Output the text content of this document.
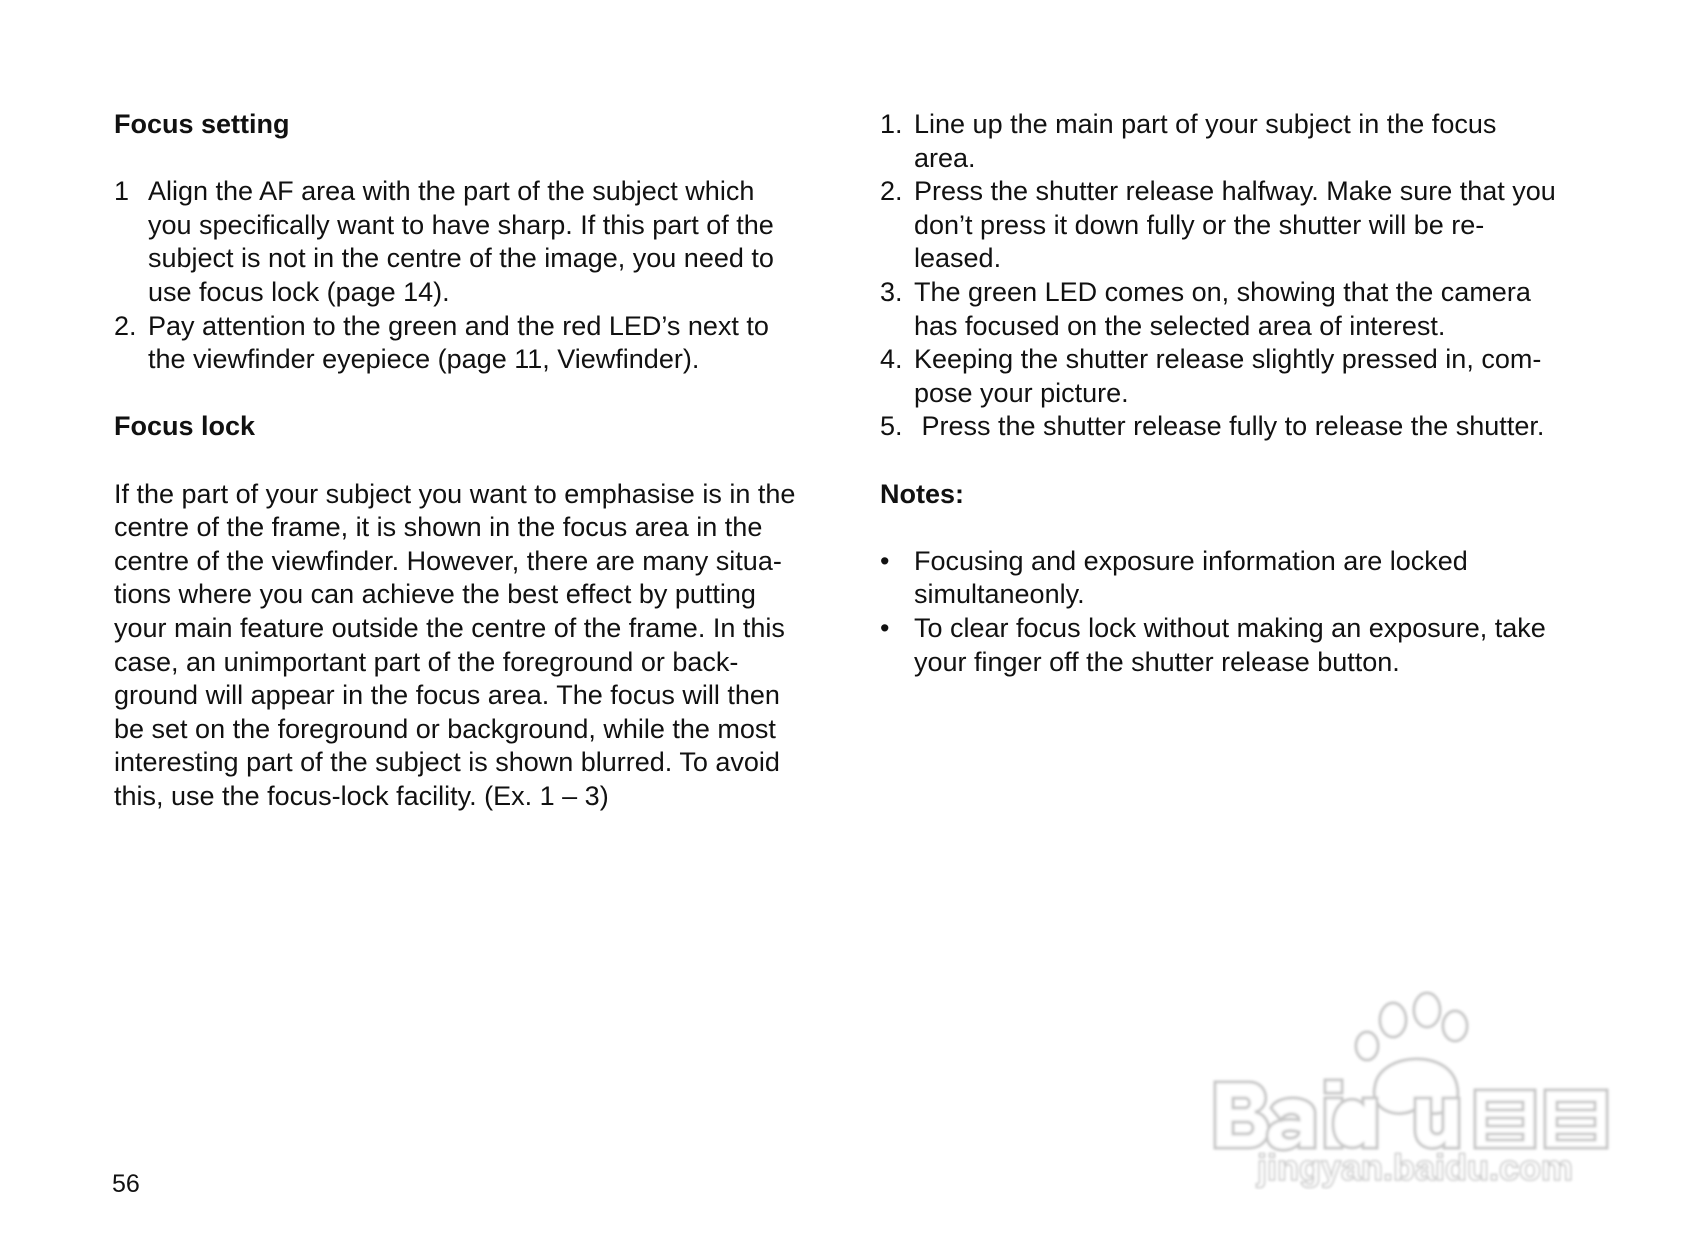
Focus setting
1 Align the AF area with the part of the subject which
you specifically want to have sharp. If this part of the
subject is not in the centre of the image, you need to
use focus lock (page 14).
2. Pay attention to the green and the red LED’s next to
the viewfinder eyepiece (page 11, Viewfinder).
Focus lock
If the part of your subject you want to emphasise is in the
centre of the frame, it is shown in the focus area in the
centre of the viewfinder. However, there are many situa-
tions where you can achieve the best effect by putting
your main feature outside the centre of the frame. In this
case, an unimportant part of the foreground or back-
ground will appear in the focus area. The focus will then
be set on the foreground or background, while the most
interesting part of the subject is shown blurred. To avoid
this, use the focus-lock facility. (Ex. 1 – 3)
1. Line up the main part of your subject in the focus
area.
2. Press the shutter release halfway. Make sure that you
don’t press it down fully or the shutter will be re-
leased.
3. The green LED comes on, showing that the camera
has focused on the selected area of interest.
4. Keeping the shutter release slightly pressed in, com-
pose your picture.
5. Press the shutter release fully to release the shutter.
Notes:
• Focusing and exposure information are locked
simultaneonly.
• To clear focus lock without making an exposure, take
your finger off the shutter release button.
56	jingyan.baidu.com
